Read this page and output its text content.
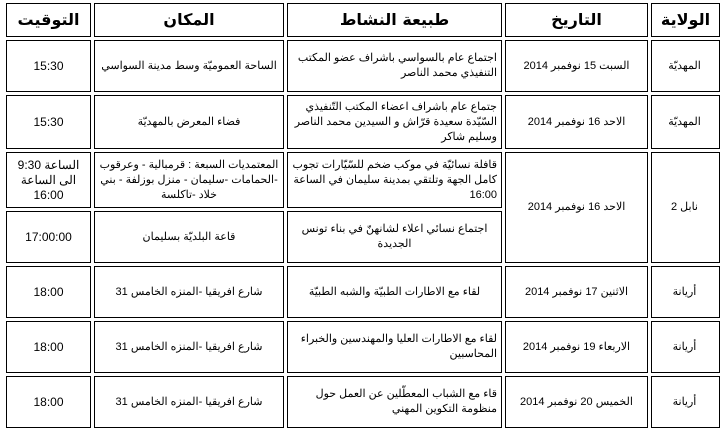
الولاية	التاريخ	طبيعة النشاط	المكان	التوقيت
المهديّة	السبت 15 نوفمبر 2014	اجتماع عام بالسواسي باشراف عضو المكتب التنفيذي محمد الناصر	الساحة العموميّة وسط مدينة السواسي	15:30
المهديّة	الاحد 16 نوفمبر 2014	جتماع عام باشراف اعضاء المكتب التّنفيذي السّيّدة سعيدة قرّاش و السيدين محمد الناصر وسليم شاكر	فضاء المعرض بالمهديّة	15:30
نابل 2	الاحد 16 نوفمبر 2014	قافلة نسائيّة في موكب ضخم للسّيّارات تجوب كامل الجهة وتلتقي بمدينة سليمان في الساعة 16:00	المعتمديات السبعة : قرمبالية - وعرقوب -الحمامات -سليمان - منزل بوزلفة - بني خلاد -تاكلسة	الساعة 9:30 الى الساعة 16:00
		اجتماع نسائي اعلاء لشانهنّ في بناء تونس الجديدة	قاعة البلديّة بسليمان	17:00:00
أريانة	الاثنين 17 نوفمبر 2014	لقاء مع الاطارات الطبيّة والشبه الطبيّة	شارع افريقيا -المنزه الخامس 31	18:00
أريانة	الاربعاء 19 نوفمبر 2014	لقاء مع الاطارات العليا والمهندسين والخبراء المحاسبين	شارع افريقيا -المنزه الخامس 31	18:00
أريانة	الخميس 20 نوفمبر 2014	قاء مع الشباب المعطّلين عن العمل حول منظومة التكوين المهني	شارع افريقيا -المنزه الخامس 31	18:00
